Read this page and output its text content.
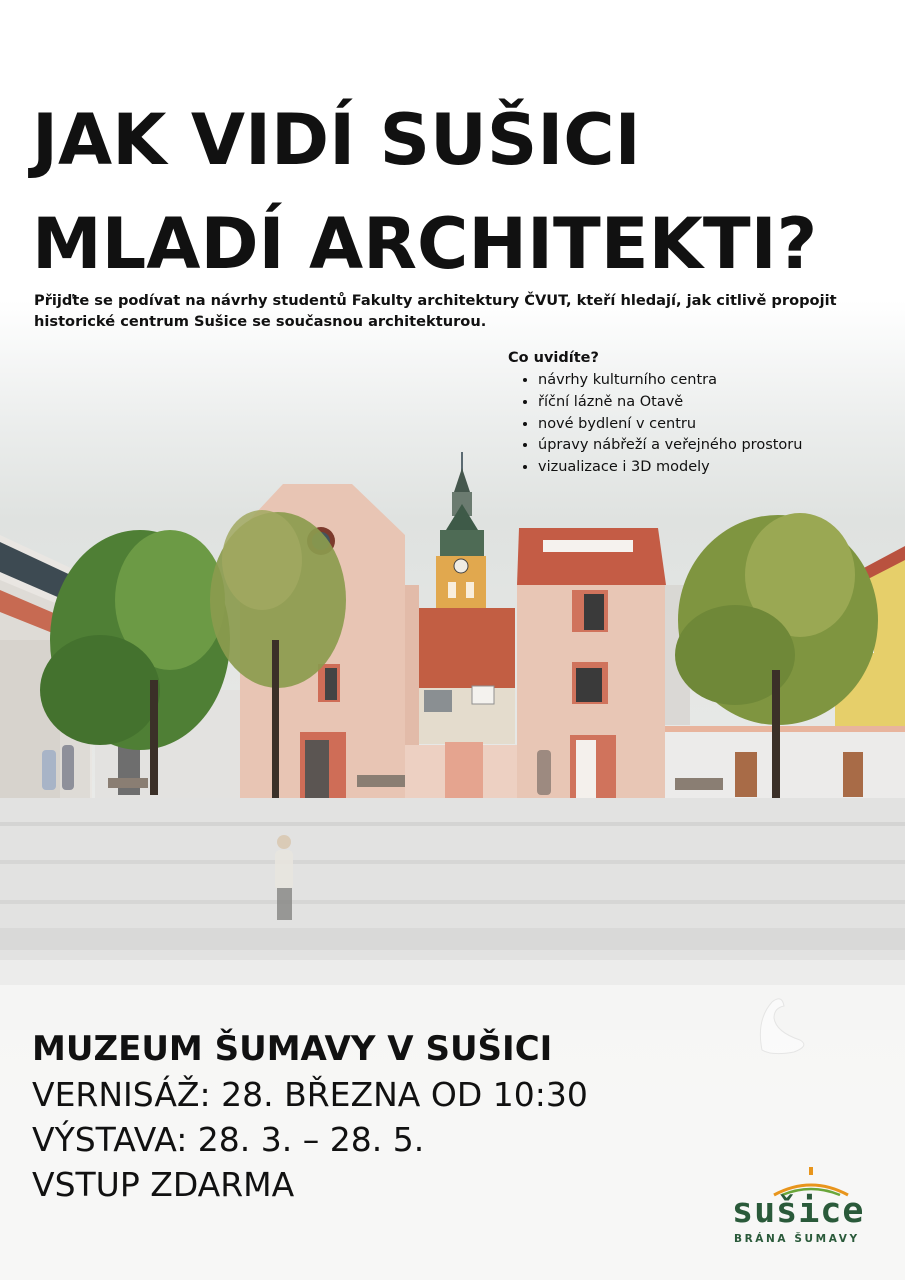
JAK VIDÍ SUŠICI
MLADÍ ARCHITEKTI?

Přijďte se podívat na návrhy studentů Fakulty architektury ČVUT, kteří hledají, jak citlivě propojit historické centrum Sušice se současnou architekturou.

Co uvidíte?

• návrhy kulturního centra
• říční lázně na Otavě
• nové bydlení v centru
• úpravy nábřeží a veřejného prostoru
• vizualizace i 3D modely
MUZEUM ŠUMAVY V SUŠICI
VERNISÁŽ: 28. BŘEZNA OD 10:30
VÝSTAVA: 28. 3. – 28. 5.
VSTUP ZDARMA
sušice
BRÁNA ŠUMAVY
